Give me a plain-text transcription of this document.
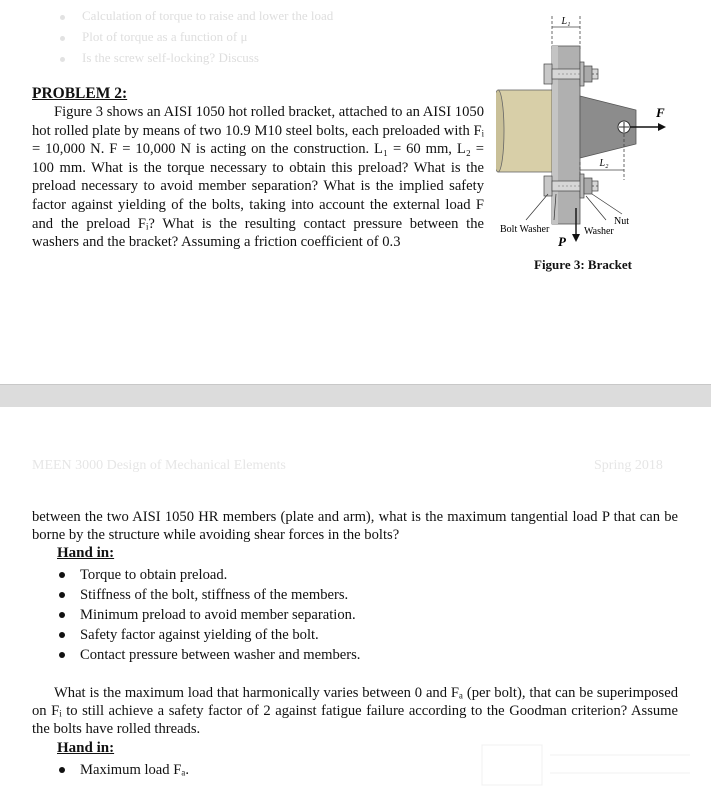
Calculation of torque to raise and lower the load
Plot of torque as a function of μ
Is the screw self-locking? Discuss
PROBLEM 2:
Figure 3 shows an AISI 1050 hot rolled bracket, attached to an AISI 1050 hot rolled plate by means of two 10.9 M10 steel bolts, each preloaded with Fᵢ = 10,000 N. F = 10,000 N is acting on the construction. L₁ = 60 mm, L₂ = 100 mm. What is the torque necessary to obtain this preload? What is the preload necessary to avoid member separation? What is the implied safety factor against yielding of the bolts, taking into account the external load F and the preload Fᵢ? What is the resulting contact pressure between the washers and the bracket? Assuming a friction coefficient of 0.3
L₁
F
L₂
P
Bolt Washer	Washer
Nut
Figure 3: Bracket
MEEN 3000 Design of Mechanical Elements	Spring 2018
between the two AISI 1050 HR members (plate and arm), what is the maximum tangential load P that can be borne by the structure while avoiding shear forces in the bolts?
Hand in:
Torque to obtain preload.
Stiffness of the bolt, stiffness of the members.
Minimum preload to avoid member separation.
Safety factor against yielding of the bolt.
Contact pressure between washer and members.
What is the maximum load that harmonically varies between 0 and Fₐ (per bolt), that can be superimposed on Fᵢ to still achieve a safety factor of 2 against fatigue failure according to the Goodman criterion? Assume the bolts have rolled threads.
Hand in:
Maximum load Fₐ.
